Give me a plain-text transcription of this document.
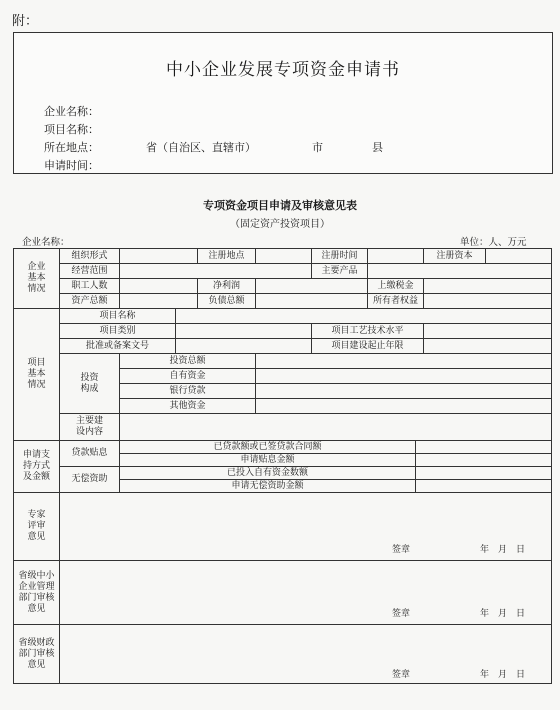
附：
中小企业发展专项资金申请书
企业名称：
项目名称：
所在地点：	省（自治区、直辖市）	市	县
申请时间：
专项资金项目申请及审核意见表
（固定资产投资项目）
企业名称：	单位：人、万元
企业
基本
情况	组织形式			注册地点		注册时间			注册资本	
	经营范围					主要产品				
	职工人数			净利润			上缴税金			
	资产总额			负债总额			所有者权益			
项目
基本
情况	项目名称									
	项目类别					项目工艺技术水平				
	批准或备案文号					项目建设起止年限				
	投资
构成	投资总额								
		自有资金								
		银行贷款								
		其他资金								
	主要建
设内容									

申请支
持方式
及金额	贷款贴息	已贷款额或已签贷款合同额								
		申请贴息金额								
	无偿资助	已投入自有资金数额								
		申请无偿资助金额								
专家
评审
意见	签章 年　月　日									

省级中小
企业管理
部门审核
意见	签章 年　月　日									

省级财政
部门审核
意见	签章 年　月　日									
